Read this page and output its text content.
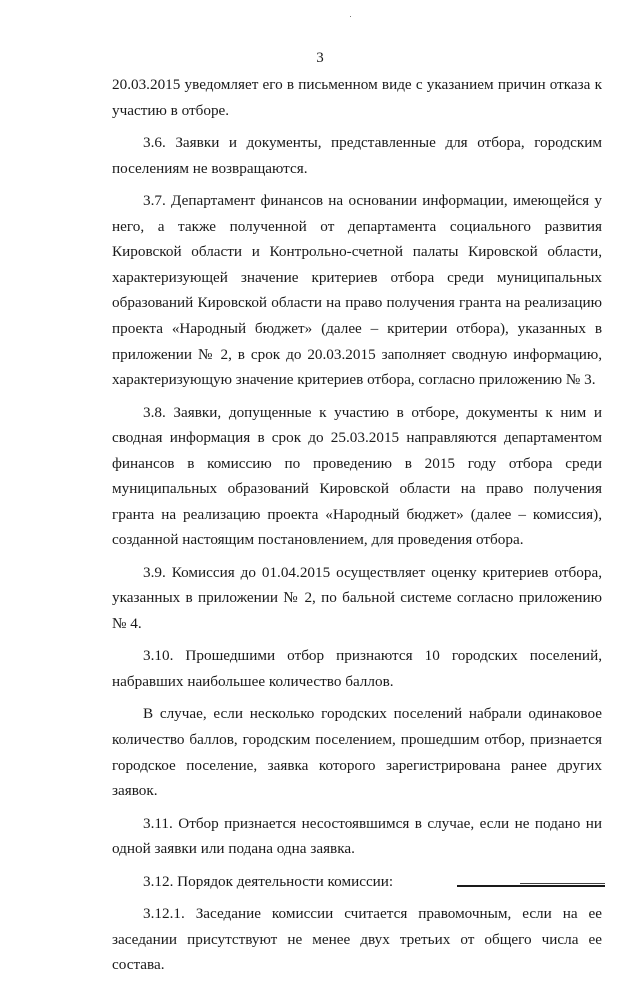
3

20.03.2015 уведомляет его в письменном виде с указанием причин отказа к участию в отборе.

3.6. Заявки и документы, представленные для отбора, городским поселениям не возвращаются.

3.7. Департамент финансов на основании информации, имеющейся у него, а также полученной от департамента социального развития Кировской области и Контрольно-счетной палаты Кировской области, характеризующей значение критериев отбора среди муниципальных образований Кировской области на право получения гранта на реализацию проекта «Народный бюджет» (далее – критерии отбора), указанных в приложении № 2, в срок до 20.03.2015 заполняет сводную информацию, характеризующую значение критериев отбора, согласно приложению № 3.

3.8. Заявки, допущенные к участию в отборе, документы к ним и сводная информация в срок до 25.03.2015 направляются департаментом финансов в комиссию по проведению в 2015 году отбора среди муниципальных образований Кировской области на право получения гранта на реализацию проекта «Народный бюджет» (далее – комиссия), созданной настоящим постановлением, для проведения отбора.

3.9. Комиссия до 01.04.2015 осуществляет оценку критериев отбора, указанных в приложении № 2, по бальной системе согласно приложению № 4.

3.10. Прошедшими отбор признаются 10 городских поселений, набравших наибольшее количество баллов.

В случае, если несколько городских поселений набрали одинаковое количество баллов, городским поселением, прошедшим отбор, признается городское поселение, заявка которого зарегистрирована ранее других заявок.

3.11. Отбор признается несостоявшимся в случае, если не подано ни одной заявки или подана одна заявка.

3.12. Порядок деятельности комиссии:

3.12.1. Заседание комиссии считается правомочным, если на ее заседании присутствуют не менее двух третьих от общего числа ее состава.
